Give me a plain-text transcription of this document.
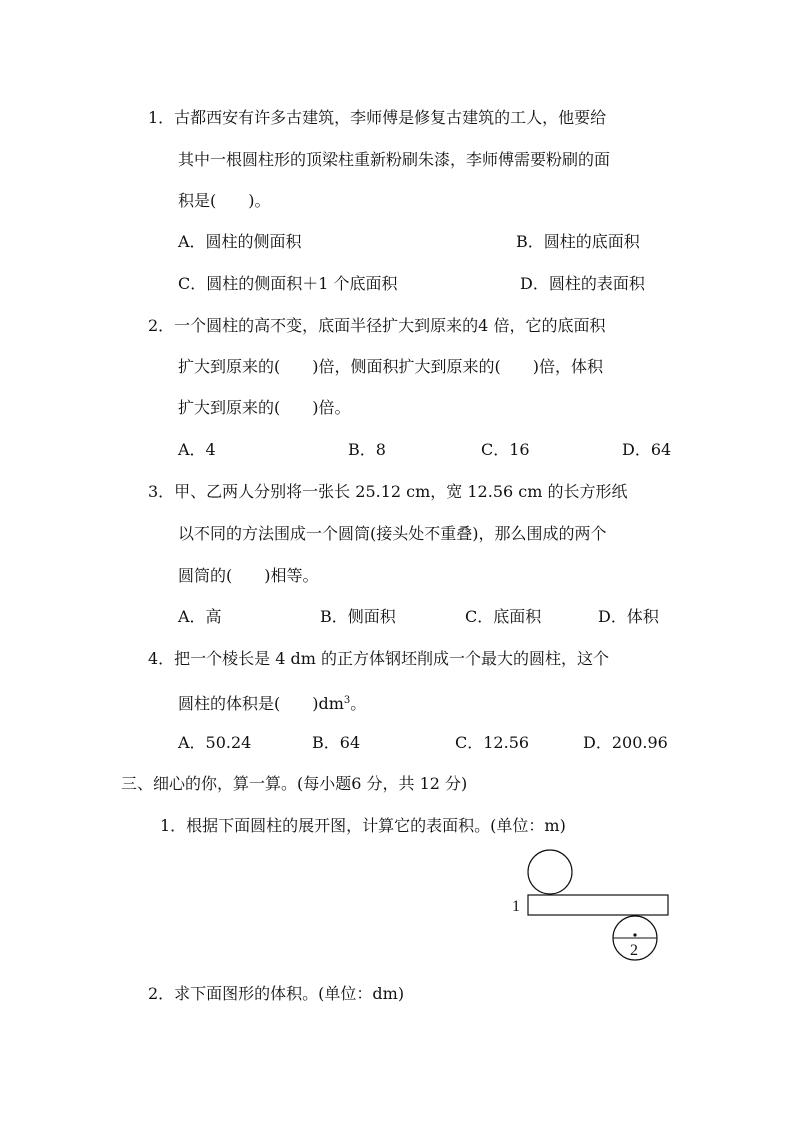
1．古都西安有许多古建筑，李师傅是修复古建筑的工人，他要给
其中一根圆柱形的顶梁柱重新粉刷朱漆，李师傅需要粉刷的面
积是(　　)。
A．圆柱的侧面积	B．圆柱的底面积
C．圆柱的侧面积＋1 个底面积	D．圆柱的表面积
2．一个圆柱的高不变，底面半径扩大到原来的4 倍，它的底面积
扩大到原来的(　　)倍，侧面积扩大到原来的(　　)倍，体积
扩大到原来的(　　)倍。
A．4	B．8	C．16	D．64
3．甲、乙两人分别将一张长 25.12 cm，宽 12.56 cm 的长方形纸
以不同的方法围成一个圆筒(接头处不重叠)，那么围成的两个
圆筒的(　　)相等。
A．高	B．侧面积	C．底面积	D．体积
4．把一个棱长是 4 dm 的正方体钢坯削成一个最大的圆柱，这个
圆柱的体积是(　　)$dm^3$。
A．50.24	B．64	C．12.56	D．200.96
三、细心的你，算一算。(每小题6 分，共 12 分)
1．根据下面圆柱的展开图，计算它的表面积。(单位：m)
1
2
2．求下面图形的体积。(单位：dm)
